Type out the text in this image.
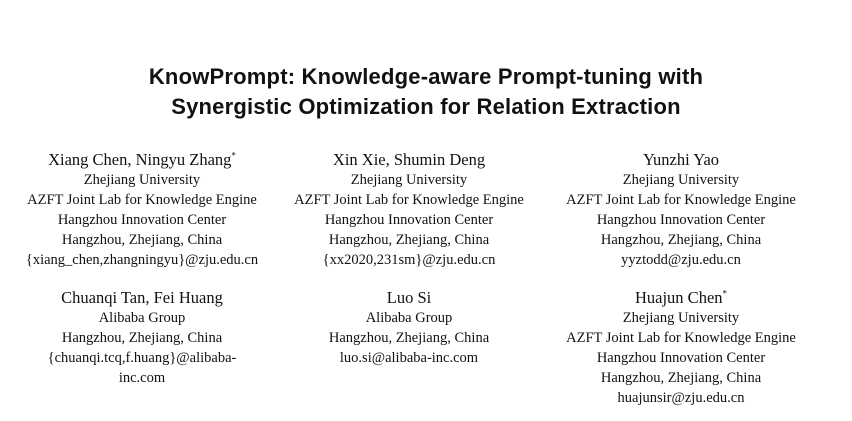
KnowPrompt: Knowledge-aware Prompt-tuning with
Synergistic Optimization for Relation Extraction
Xiang Chen, Ningyu Zhang*
Zhejiang University
AZFT Joint Lab for Knowledge Engine
Hangzhou Innovation Center
Hangzhou, Zhejiang, China
{xiang_chen,zhangningyu}@zju.edu.cn
Xin Xie, Shumin Deng
Zhejiang University
AZFT Joint Lab for Knowledge Engine
Hangzhou Innovation Center
Hangzhou, Zhejiang, China
{xx2020,231sm}@zju.edu.cn
Yunzhi Yao
Zhejiang University
AZFT Joint Lab for Knowledge Engine
Hangzhou Innovation Center
Hangzhou, Zhejiang, China
yyztodd@zju.edu.cn
Chuanqi Tan, Fei Huang
Alibaba Group
Hangzhou, Zhejiang, China
{chuanqi.tcq,f.huang}@alibaba-
inc.com
Luo Si
Alibaba Group
Hangzhou, Zhejiang, China
luo.si@alibaba-inc.com
Huajun Chen*
Zhejiang University
AZFT Joint Lab for Knowledge Engine
Hangzhou Innovation Center
Hangzhou, Zhejiang, China
huajunsir@zju.edu.cn
